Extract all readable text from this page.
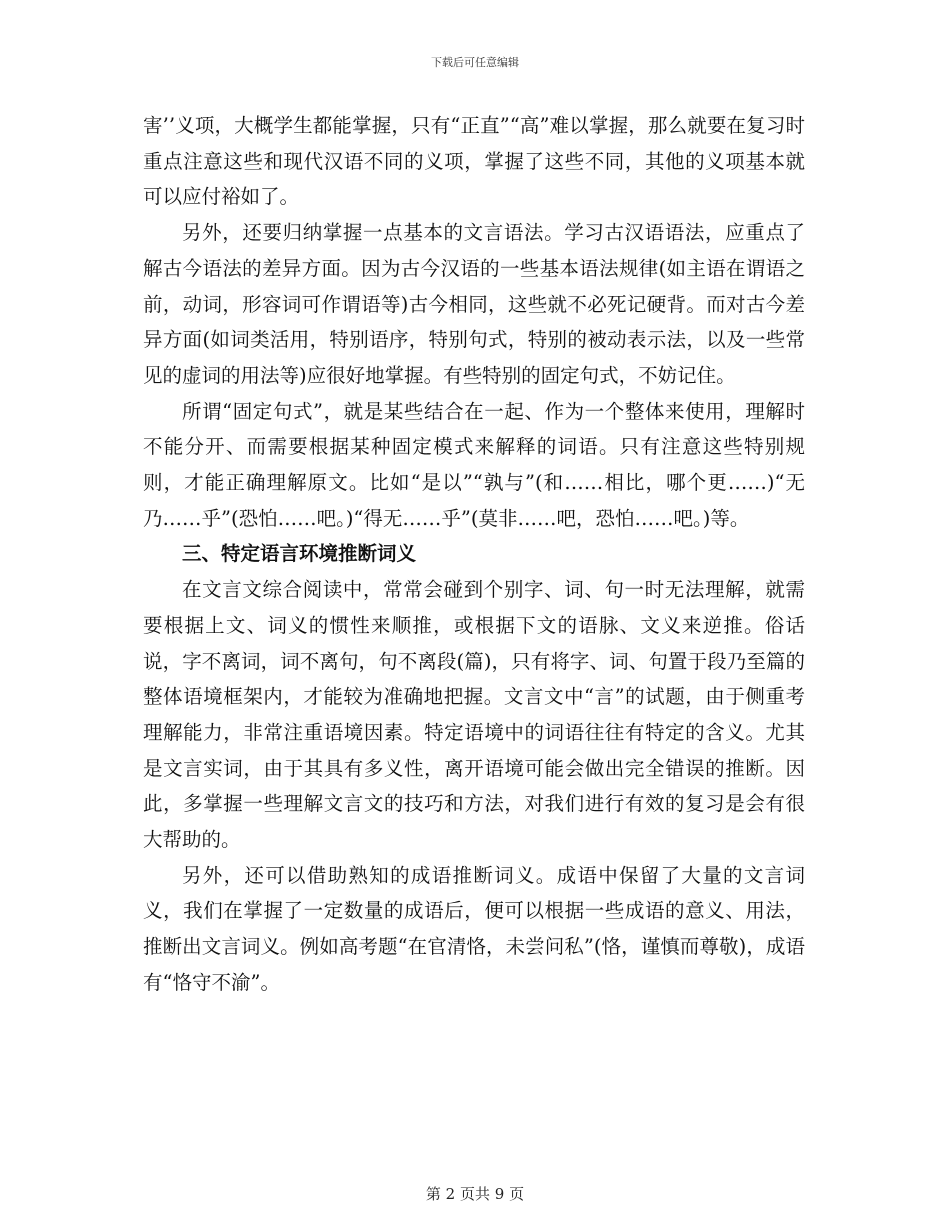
下载后可任意编辑

害’’义项，大概学生都能掌握，只有“正直”“高”难以掌握，那么就要在复习时重点注意这些和现代汉语不同的义项，掌握了这些不同，其他的义项基本就可以应付裕如了。

另外，还要归纳掌握一点基本的文言语法。学习古汉语语法，应重点了解古今语法的差异方面。因为古今汉语的一些基本语法规律(如主语在谓语之前，动词，形容词可作谓语等)古今相同，这些就不必死记硬背。而对古今差异方面(如词类活用，特别语序，特别句式，特别的被动表示法，以及一些常见的虚词的用法等)应很好地掌握。有些特别的固定句式，不妨记住。

所谓“固定句式”，就是某些结合在一起、作为一个整体来使用，理解时不能分开、而需要根据某种固定模式来解释的词语。只有注意这些特别规则，才能正确理解原文。比如“是以”“孰与”(和……相比，哪个更……)“无乃……乎”(恐怕……吧。)“得无……乎”(莫非……吧，恐怕……吧。)等。

三、特定语言环境推断词义

在文言文综合阅读中，常常会碰到个别字、词、句一时无法理解，就需要根据上文、词义的惯性来顺推，或根据下文的语脉、文义来逆推。俗话说，字不离词，词不离句，句不离段(篇)，只有将字、词、句置于段乃至篇的整体语境框架内，才能较为准确地把握。文言文中“言”的试题，由于侧重考理解能力，非常注重语境因素。特定语境中的词语往往有特定的含义。尤其是文言实词，由于其具有多义性，离开语境可能会做出完全错误的推断。因此，多掌握一些理解文言文的技巧和方法，对我们进行有效的复习是会有很大帮助的。

另外，还可以借助熟知的成语推断词义。成语中保留了大量的文言词义，我们在掌握了一定数量的成语后，便可以根据一些成语的意义、用法，推断出文言词义。例如高考题“在官清恪，未尝问私”(恪，谨慎而尊敬)，成语有“恪守不渝”。

第 2 页共 9 页
